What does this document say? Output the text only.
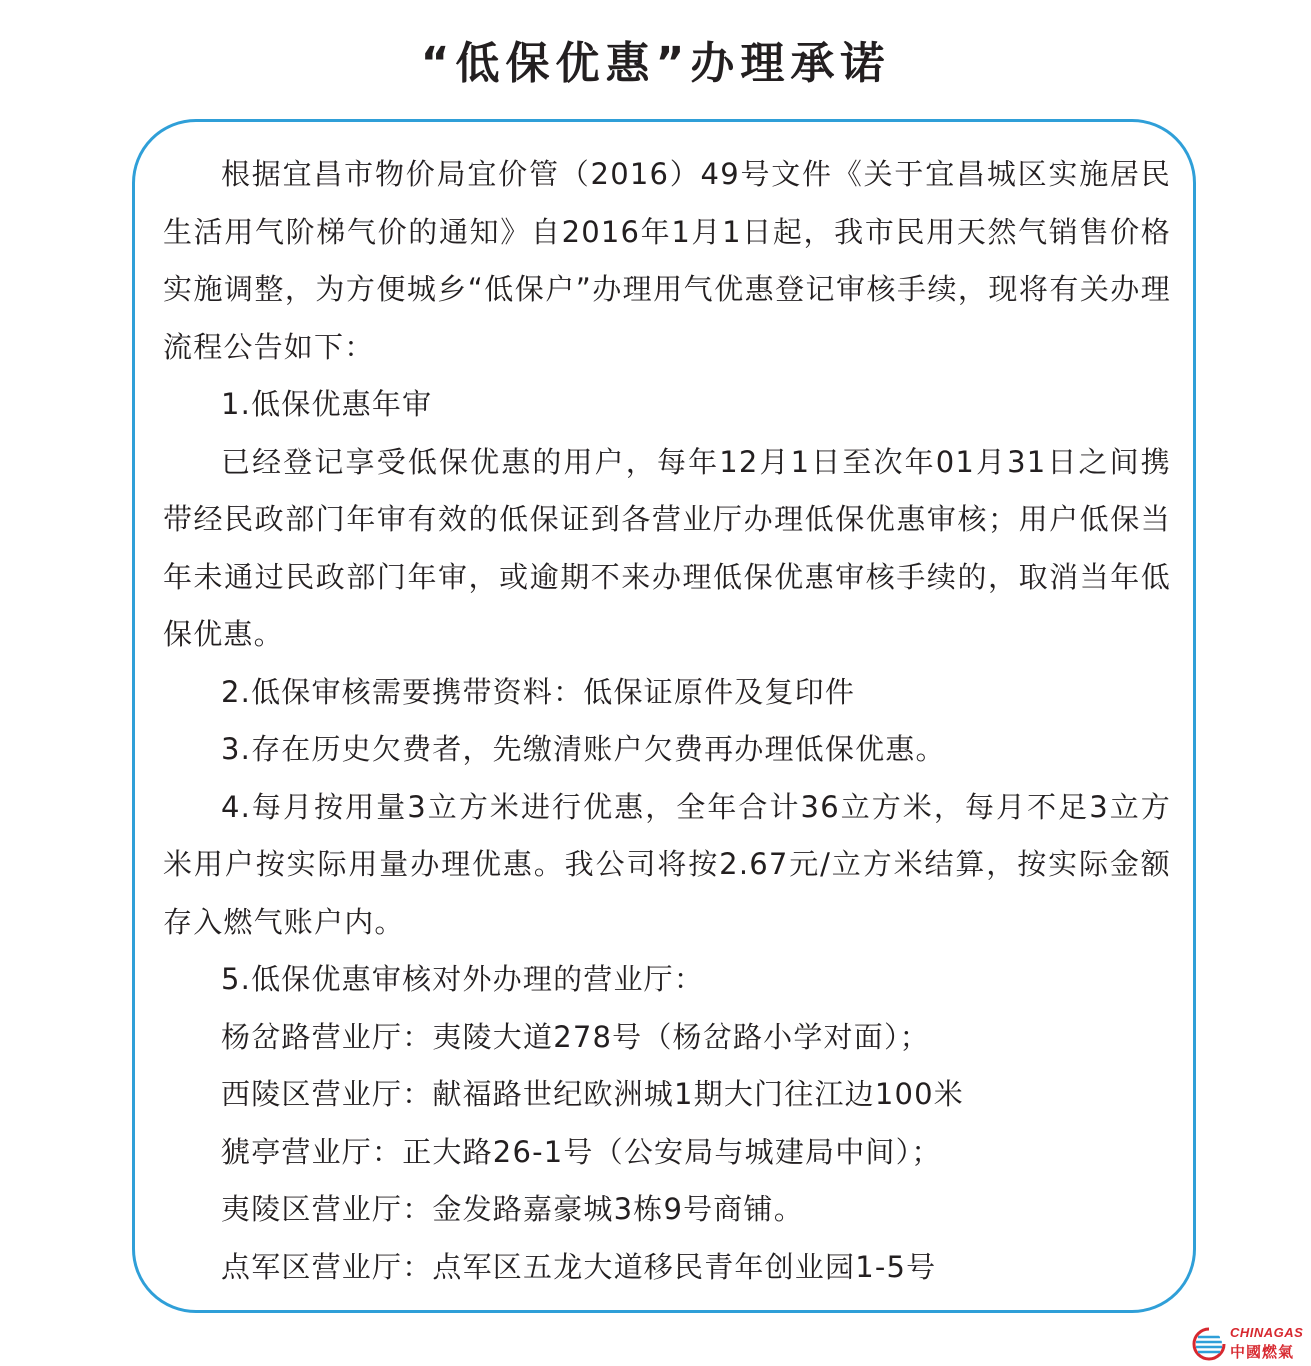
“低保优惠”办理承诺

根据宜昌市物价局宜价管（2016）49号文件《关于宜昌城区实施居民生活用气阶梯气价的通知》自2016年1月1日起，我市民用天然气销售价格实施调整，为方便城乡“低保户”办理用气优惠登记审核手续，现将有关办理流程公告如下：

1.低保优惠年审

已经登记享受低保优惠的用户，每年12月1日至次年01月31日之间携带经民政部门年审有效的低保证到各营业厅办理低保优惠审核；用户低保当年未通过民政部门年审，或逾期不来办理低保优惠审核手续的，取消当年低保优惠。

2.低保审核需要携带资料：低保证原件及复印件

3.存在历史欠费者，先缴清账户欠费再办理低保优惠。

4.每月按用量3立方米进行优惠，全年合计36立方米，每月不足3立方米用户按实际用量办理优惠。我公司将按2.67元/立方米结算，按实际金额存入燃气账户内。

5.低保优惠审核对外办理的营业厅：

杨岔路营业厅：夷陵大道278号（杨岔路小学对面）；

西陵区营业厅：献福路世纪欧洲城1期大门往江边100米

猇亭营业厅：正大路26-1号（公安局与城建局中间）；

夷陵区营业厅：金发路嘉豪城3栋9号商铺。

点军区营业厅：点军区五龙大道移民青年创业园1-5号

CHINAGAS
中國燃氣
